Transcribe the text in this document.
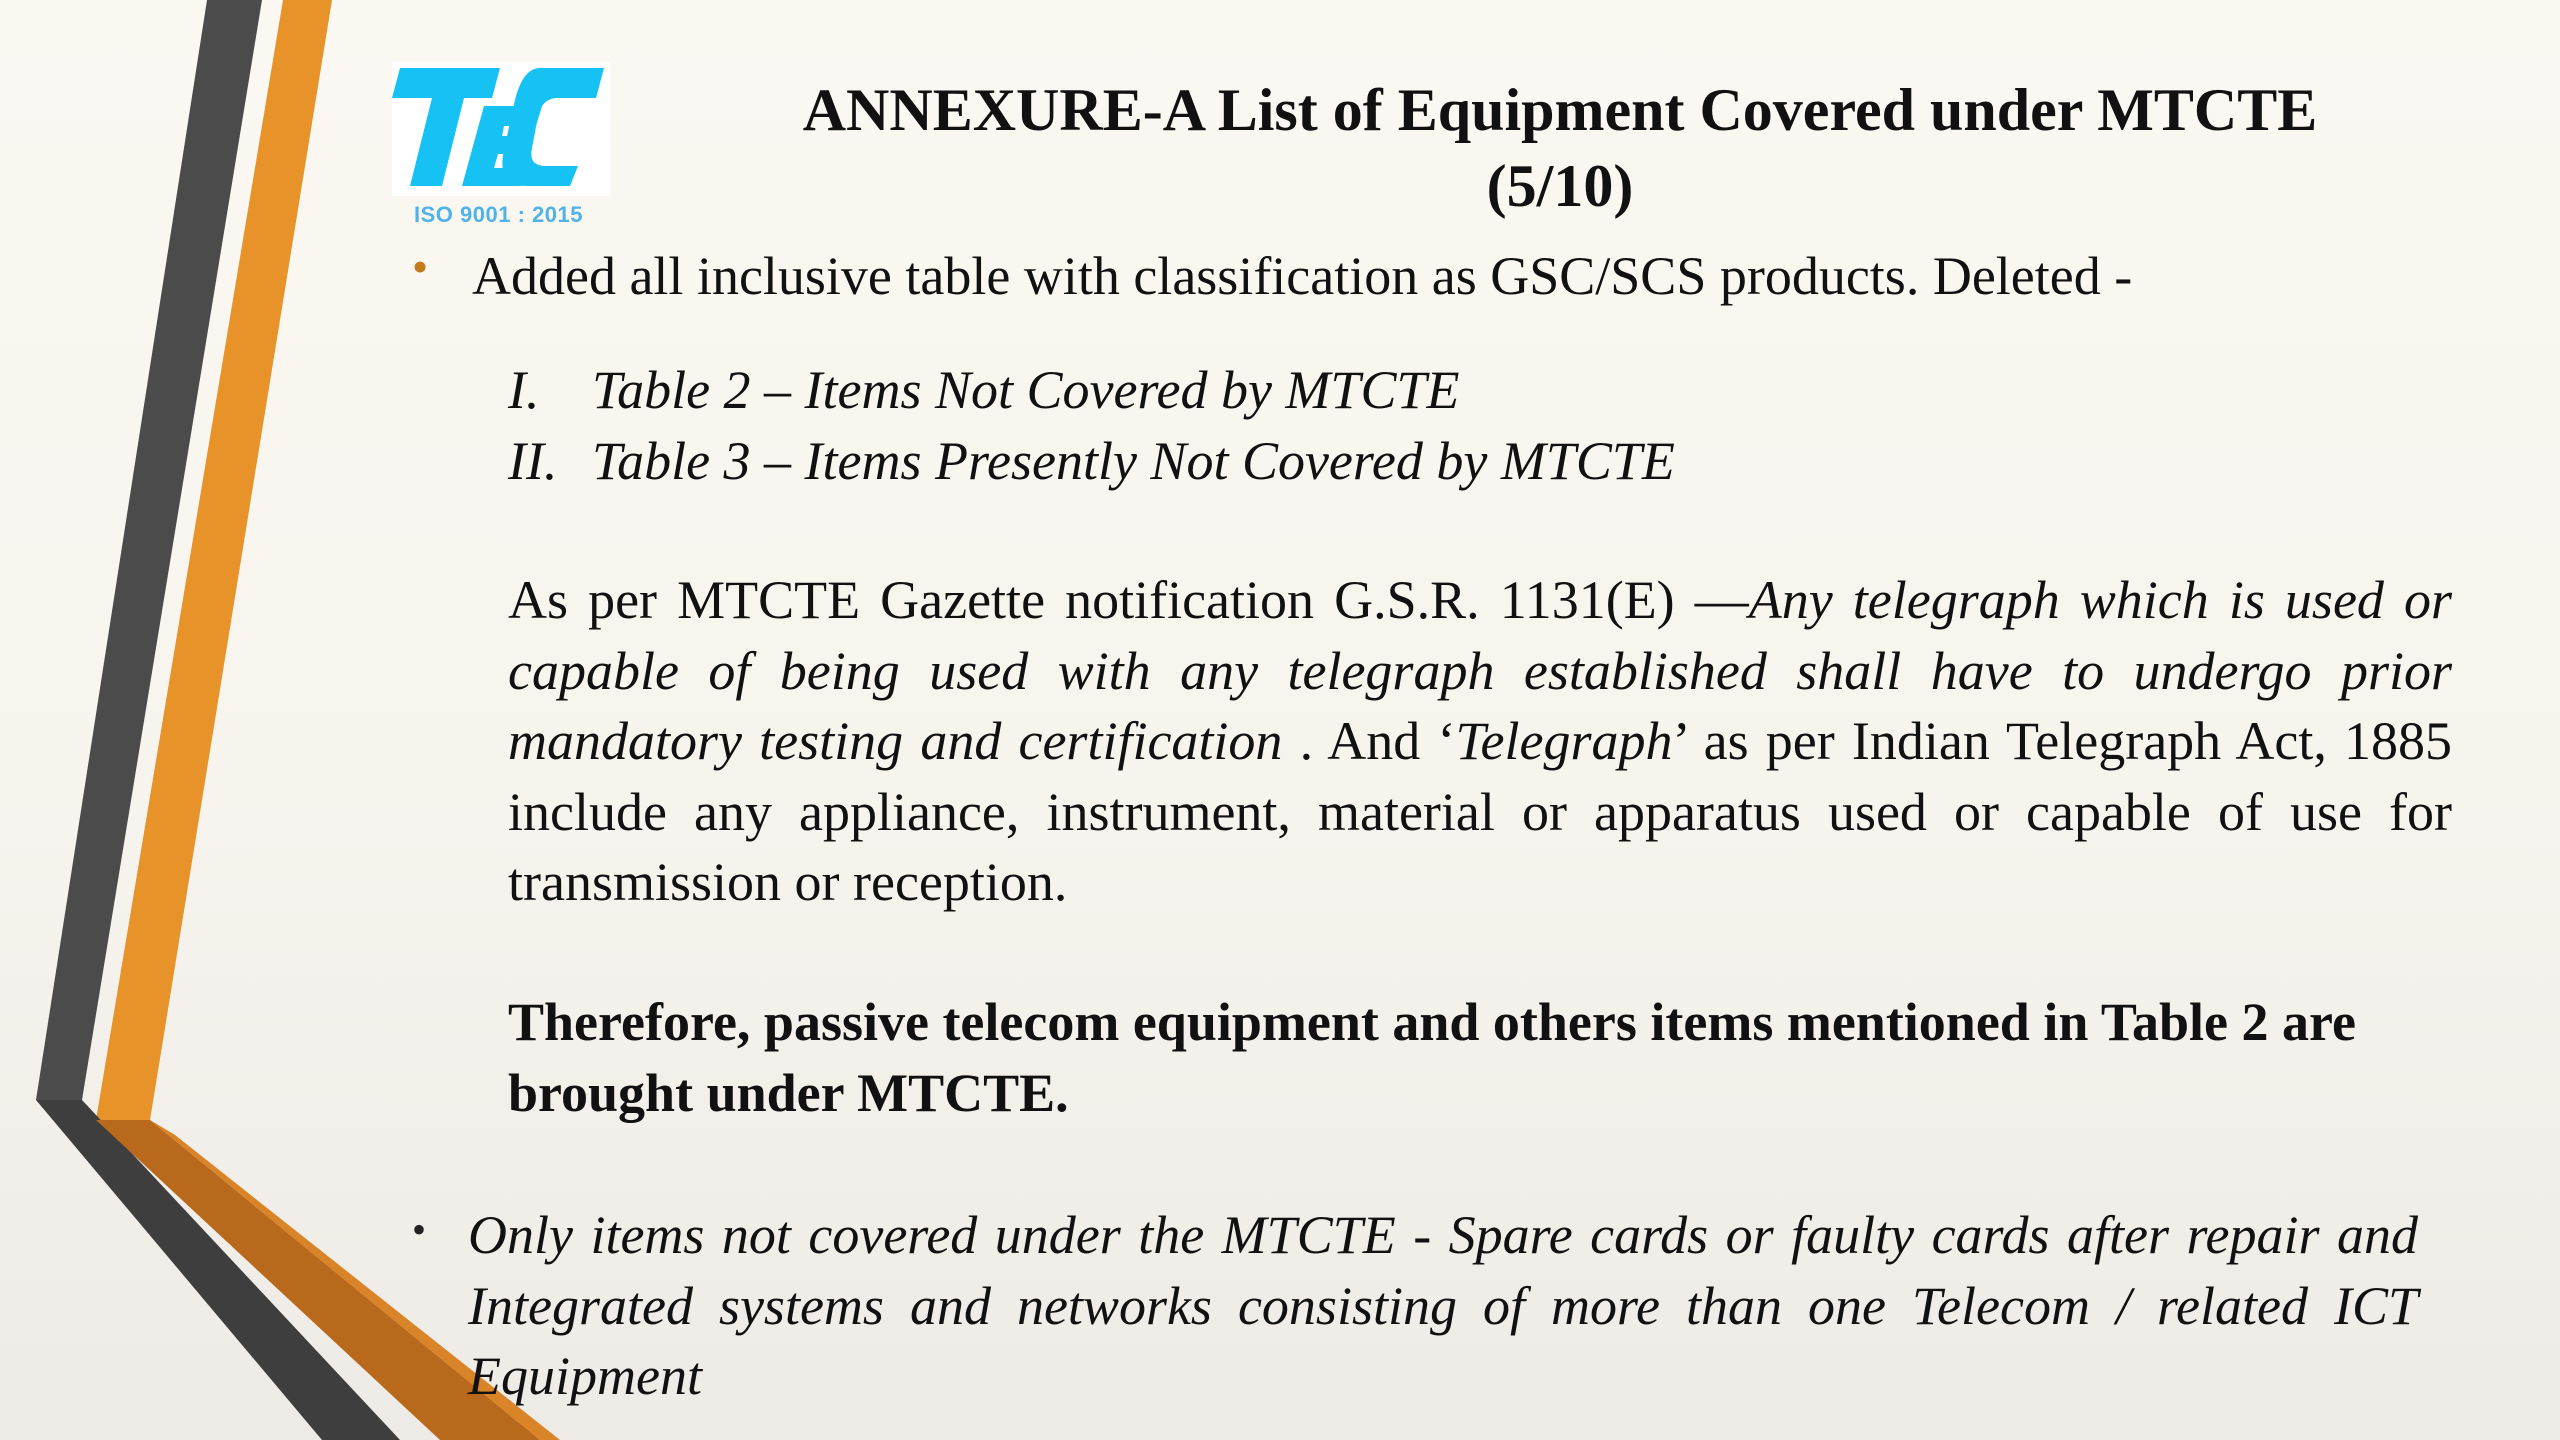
ISO 9001 : 2015
ANNEXURE-A List of Equipment Covered under MTCTE
(5/10)
• Added all inclusive table with classification as GSC/SCS products. Deleted -
I. Table 2 – Items Not Covered by MTCTE
II. Table 3 – Items Presently Not Covered by MTCTE
As per MTCTE Gazette notification G.S.R. 1131(E) —Any telegraph which is used or capable of being used with any telegraph established shall have to undergo prior mandatory testing and certification . And ‘Telegraph’ as per Indian Telegraph Act, 1885 include any appliance, instrument, material or apparatus used or capable of use for transmission or reception.
Therefore, passive telecom equipment and others items mentioned in Table 2 are brought under MTCTE.
• Only items not covered under the MTCTE - Spare cards or faulty cards after repair and Integrated systems and networks consisting of more than one Telecom / related ICT Equipment
